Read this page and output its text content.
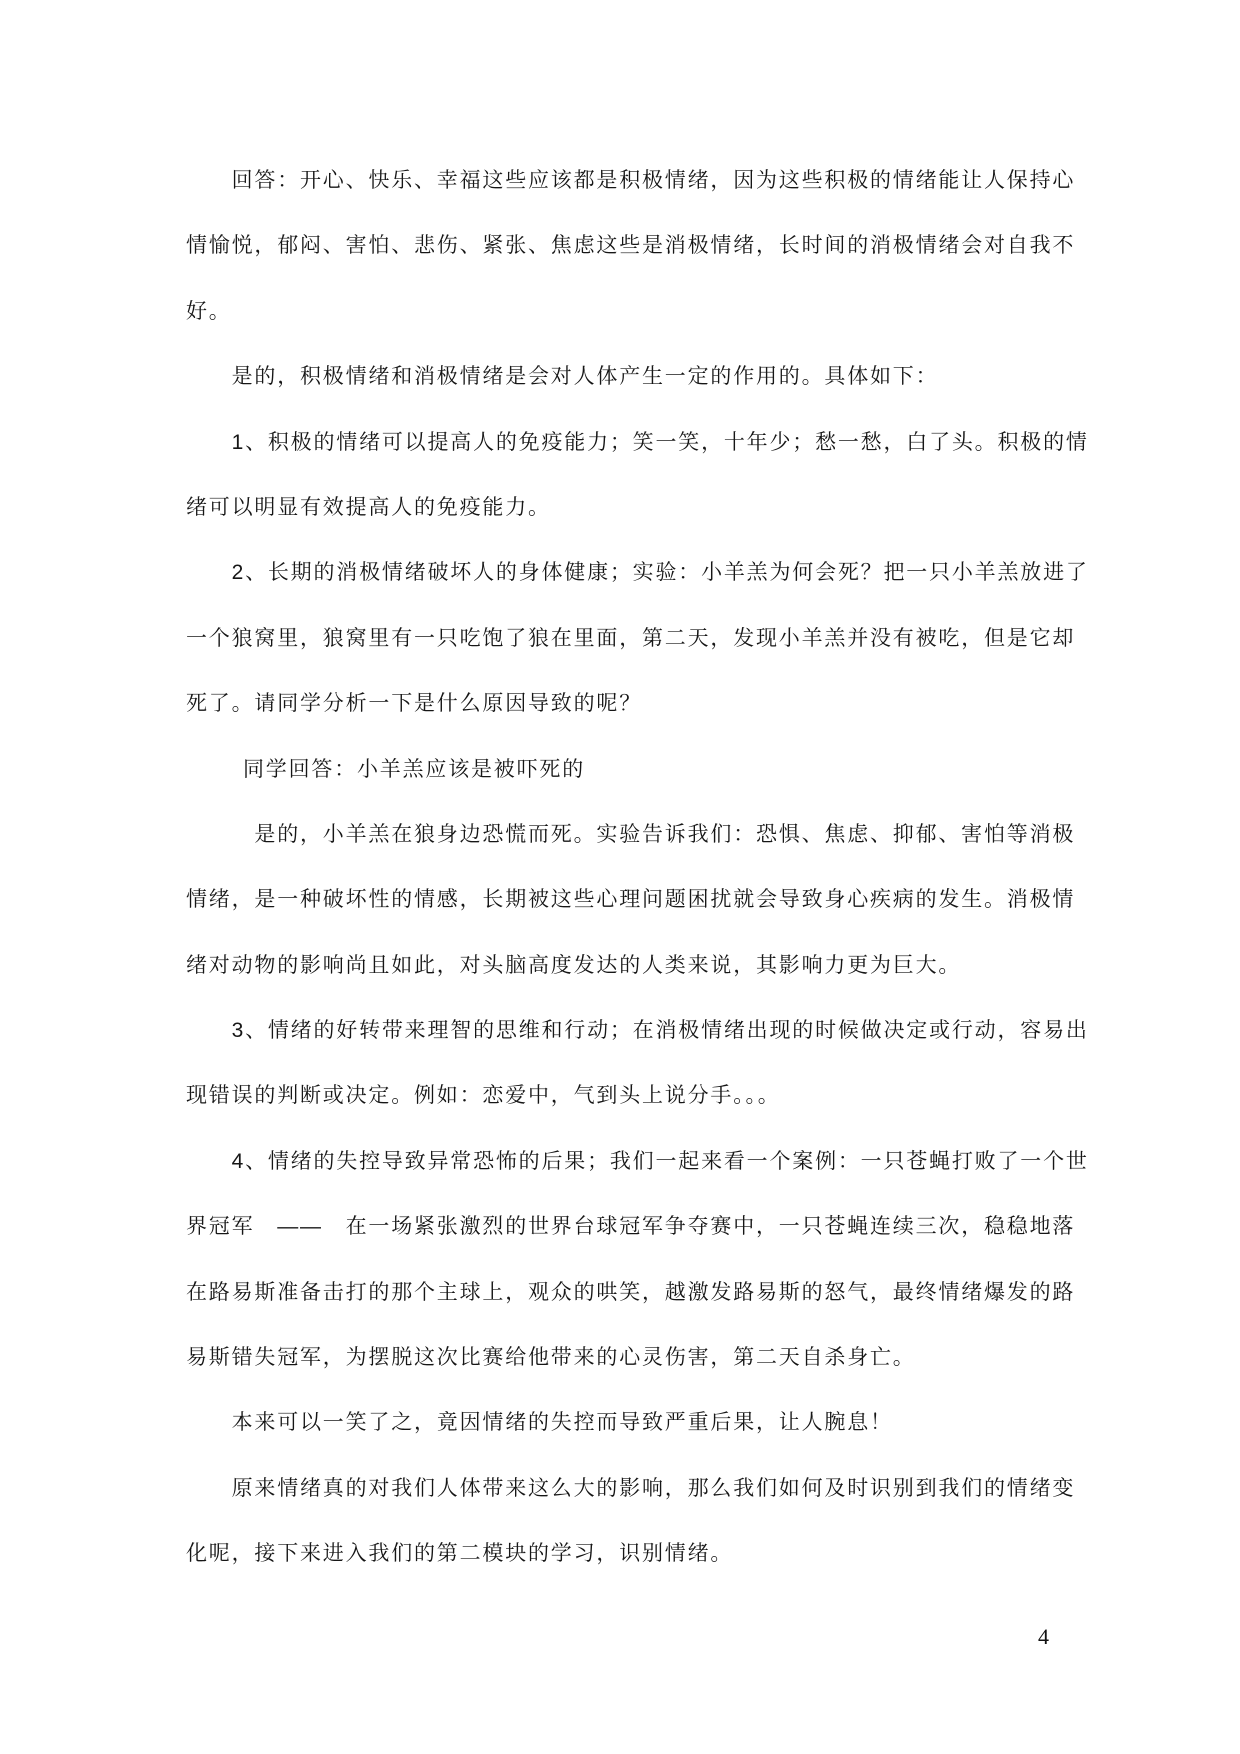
回答：开心、快乐、幸福这些应该都是积极情绪，因为这些积极的情绪能让人保持心
情愉悦，郁闷、害怕、悲伤、紧张、焦虑这些是消极情绪，长时间的消极情绪会对自我不
好。
是的，积极情绪和消极情绪是会对人体产生一定的作用的。具体如下：
1、积极的情绪可以提高人的免疫能力；笑一笑，十年少；愁一愁，白了头。积极的情
绪可以明显有效提高人的免疫能力。
2、长期的消极情绪破坏人的身体健康；实验：小羊羔为何会死？把一只小羊羔放进了
一个狼窝里，狼窝里有一只吃饱了狼在里面，第二天，发现小羊羔并没有被吃，但是它却
死了。请同学分析一下是什么原因导致的呢？
同学回答：小羊羔应该是被吓死的
是的，小羊羔在狼身边恐慌而死。实验告诉我们：恐惧、焦虑、抑郁、害怕等消极
情绪，是一种破坏性的情感，长期被这些心理问题困扰就会导致身心疾病的发生。消极情
绪对动物的影响尚且如此，对头脑高度发达的人类来说，其影响力更为巨大。
3、情绪的好转带来理智的思维和行动；在消极情绪出现的时候做决定或行动，容易出
现错误的判断或决定。例如：恋爱中，气到头上说分手。。。
4、情绪的失控导致异常恐怖的后果；我们一起来看一个案例：一只苍蝇打败了一个世
界冠军　——　在一场紧张激烈的世界台球冠军争夺赛中，一只苍蝇连续三次，稳稳地落
在路易斯准备击打的那个主球上，观众的哄笑，越激发路易斯的怒气，最终情绪爆发的路
易斯错失冠军，为摆脱这次比赛给他带来的心灵伤害，第二天自杀身亡。
本来可以一笑了之，竟因情绪的失控而导致严重后果，让人腕息！
原来情绪真的对我们人体带来这么大的影响，那么我们如何及时识别到我们的情绪变
化呢，接下来进入我们的第二模块的学习，识别情绪。
4
